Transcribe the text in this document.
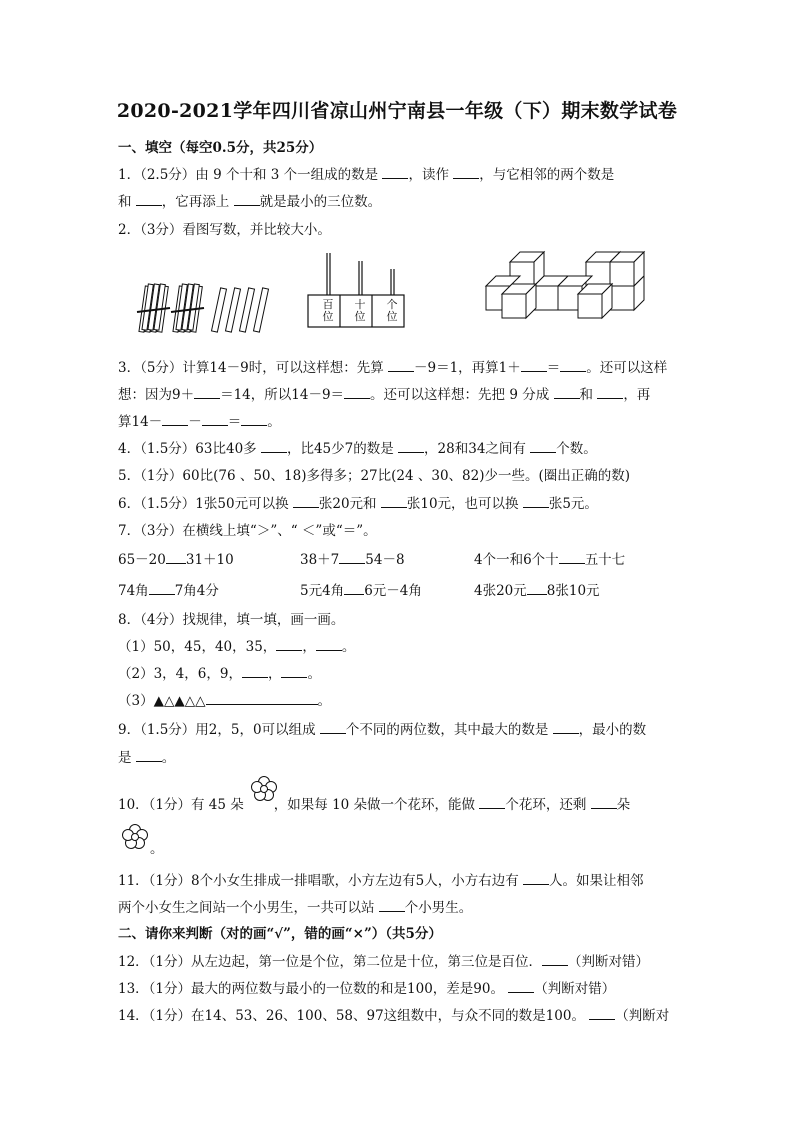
2020-2021学年四川省凉山州宁南县一年级（下）期末数学试卷
一、填空（每空0.5分，共25分）
1．（2.5分）由 9 个十和 3 个一组成的数是 ，读作 ，与它相邻的两个数是
和 ，它再添上 就是最小的三位数。
2．（3分）看图写数，并比较大小。
百
位
十
位
个
位
3．（5分）计算14－9时，可以这样想：先算 －9＝1，再算1＋ ＝ 。还可以这样
想：因为9＋ ＝14，所以14－9＝ 。还可以这样想：先把 9 分成 和 ，再
算14－ － ＝ 。
4．（1.5分）63比40多 ，比45少7的数是 ，28和34之间有 个数。
5．（1分）60比(76 、50、18)多得多；27比(24 、30、82)少一些。(圈出正确的数)
6．（1.5分）1张50元可以换 张20元和 张10元，也可以换 张5元。
7．（3分）在横线上填“＞”、“ ＜”或“＝”。
65－20 31＋10	38＋7 54－8	4个一和6个十 五十七
74角 7角4分	5元4角 6元－4角	4张20元 8张10元
8．（4分）找规律，填一填，画一画。
（1）50，45，40，35， ， 。
（2）3，4，6，9， ， 。
（3）▲△▲△△	。
9．（1.5分）用2，5，0可以组成 个不同的两位数，其中最大的数是 ，最小的数
是 。
10．（1分）有 45 朵 ，如果每 10 朵做一个花环，能做 个花环，还剩 朵
。
11．（1分）8个小女生排成一排唱歌，小方左边有5人，小方右边有 人。如果让相邻
两个小女生之间站一个小男生，一共可以站 个小男生。
二、请你来判断（对的画“√”，错的画“×”）（共5分）
12．（1分）从左边起，第一位是个位，第二位是十位，第三位是百位． （判断对错）
13．（1分）最大的两位数与最小的一位数的和是100，差是90。 （判断对错）
14．（1分）在14、53、26、100、58、97这组数中，与众不同的数是100。 （判断对
